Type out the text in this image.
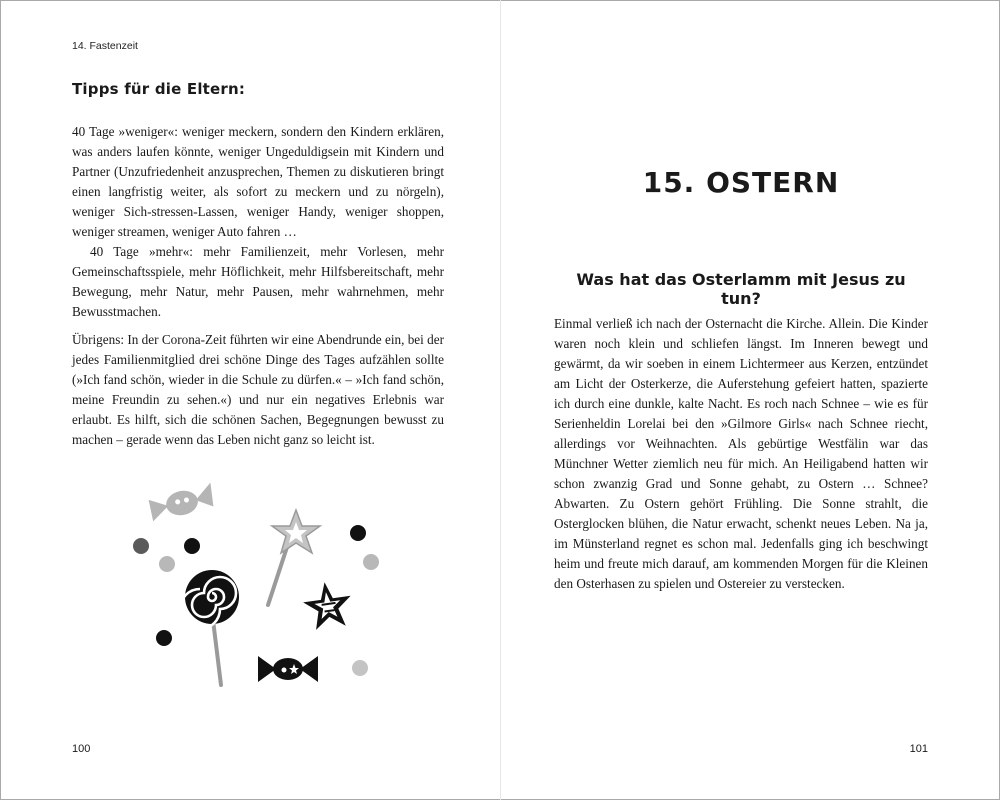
14. Fastenzeit
Tipps für die Eltern:
40 Tage »weniger«: weniger meckern, sondern den Kindern erklären, was anders laufen könnte, weniger Ungeduldigsein mit Kindern und Partner (Unzufriedenheit anzusprechen, Themen zu diskutieren bringt einen langfristig weiter, als sofort zu meckern und zu nörgeln), weniger Sich-stressen-Lassen, weniger Handy, weniger shoppen, weniger streamen, weniger Auto fahren …
40 Tage »mehr«: mehr Familienzeit, mehr Vorlesen, mehr Gemeinschaftsspiele, mehr Höflichkeit, mehr Hilfsbereitschaft, mehr Bewegung, mehr Natur, mehr Pausen, mehr wahrnehmen, mehr Bewusstmachen.
Übrigens: In der Corona-Zeit führten wir eine Abendrunde ein, bei der jedes Familienmitglied drei schöne Dinge des Tages aufzählen sollte (»Ich fand schön, wieder in die Schule zu dürfen.« – »Ich fand schön, meine Freundin zu sehen.«) und nur ein negatives Erlebnis war erlaubt. Es hilft, sich die schönen Sachen, Begegnungen bewusst zu machen – gerade wenn das Leben nicht ganz so leicht ist.
100
15. OSTERN
Was hat das Osterlamm mit Jesus zu tun?
Einmal verließ ich nach der Osternacht die Kirche. Allein. Die Kinder waren noch klein und schliefen längst. Im Inneren bewegt und gewärmt, da wir soeben in einem Lichtermeer aus Kerzen, entzündet am Licht der Osterkerze, die Auferstehung gefeiert hatten, spazierte ich durch eine dunkle, kalte Nacht. Es roch nach Schnee – wie es für Serienheldin Lorelai bei den »Gilmore Girls« nach Schnee riecht, allerdings vor Weihnachten. Als gebürtige Westfälin war das Münchner Wetter ziemlich neu für mich. An Heiligabend hatten wir schon zwanzig Grad und Sonne gehabt, zu Ostern … Schnee? Abwarten. Zu Ostern gehört Frühling. Die Sonne strahlt, die Osterglocken blühen, die Natur erwacht, schenkt neues Leben. Na ja, im Münsterland regnet es schon mal. Jedenfalls ging ich beschwingt heim und freute mich darauf, am kommenden Morgen für die Kleinen den Osterhasen zu spielen und Ostereier zu verstecken.
101
